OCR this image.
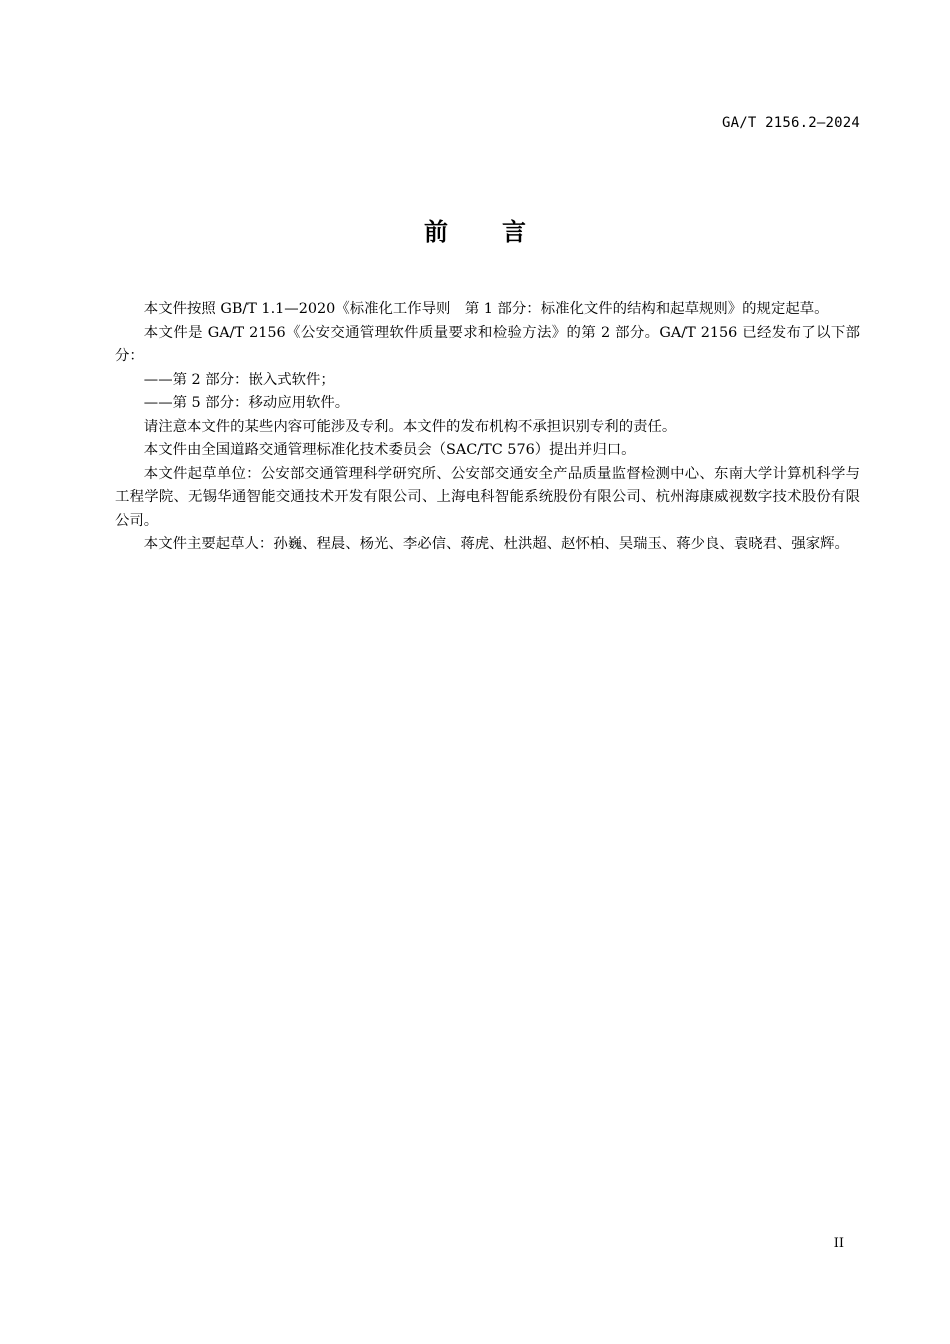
GA/T 2156.2—2024
前言

本文件按照 GB/T 1.1—2020《标准化工作导则　第 1 部分：标准化文件的结构和起草规则》的规定起草。

本文件是 GA/T 2156《公安交通管理软件质量要求和检验方法》的第 2 部分。GA/T 2156 已经发布了以下部分：

——第 2 部分：嵌入式软件；

——第 5 部分：移动应用软件。

请注意本文件的某些内容可能涉及专利。本文件的发布机构不承担识别专利的责任。

本文件由全国道路交通管理标准化技术委员会（SAC/TC 576）提出并归口。

本文件起草单位：公安部交通管理科学研究所、公安部交通安全产品质量监督检测中心、东南大学计算机科学与工程学院、无锡华通智能交通技术开发有限公司、上海电科智能系统股份有限公司、杭州海康威视数字技术股份有限公司。

本文件主要起草人：孙巍、程晨、杨光、李必信、蒋虎、杜洪超、赵怀柏、吴瑞玉、蒋少良、袁晓君、强家辉。

II
